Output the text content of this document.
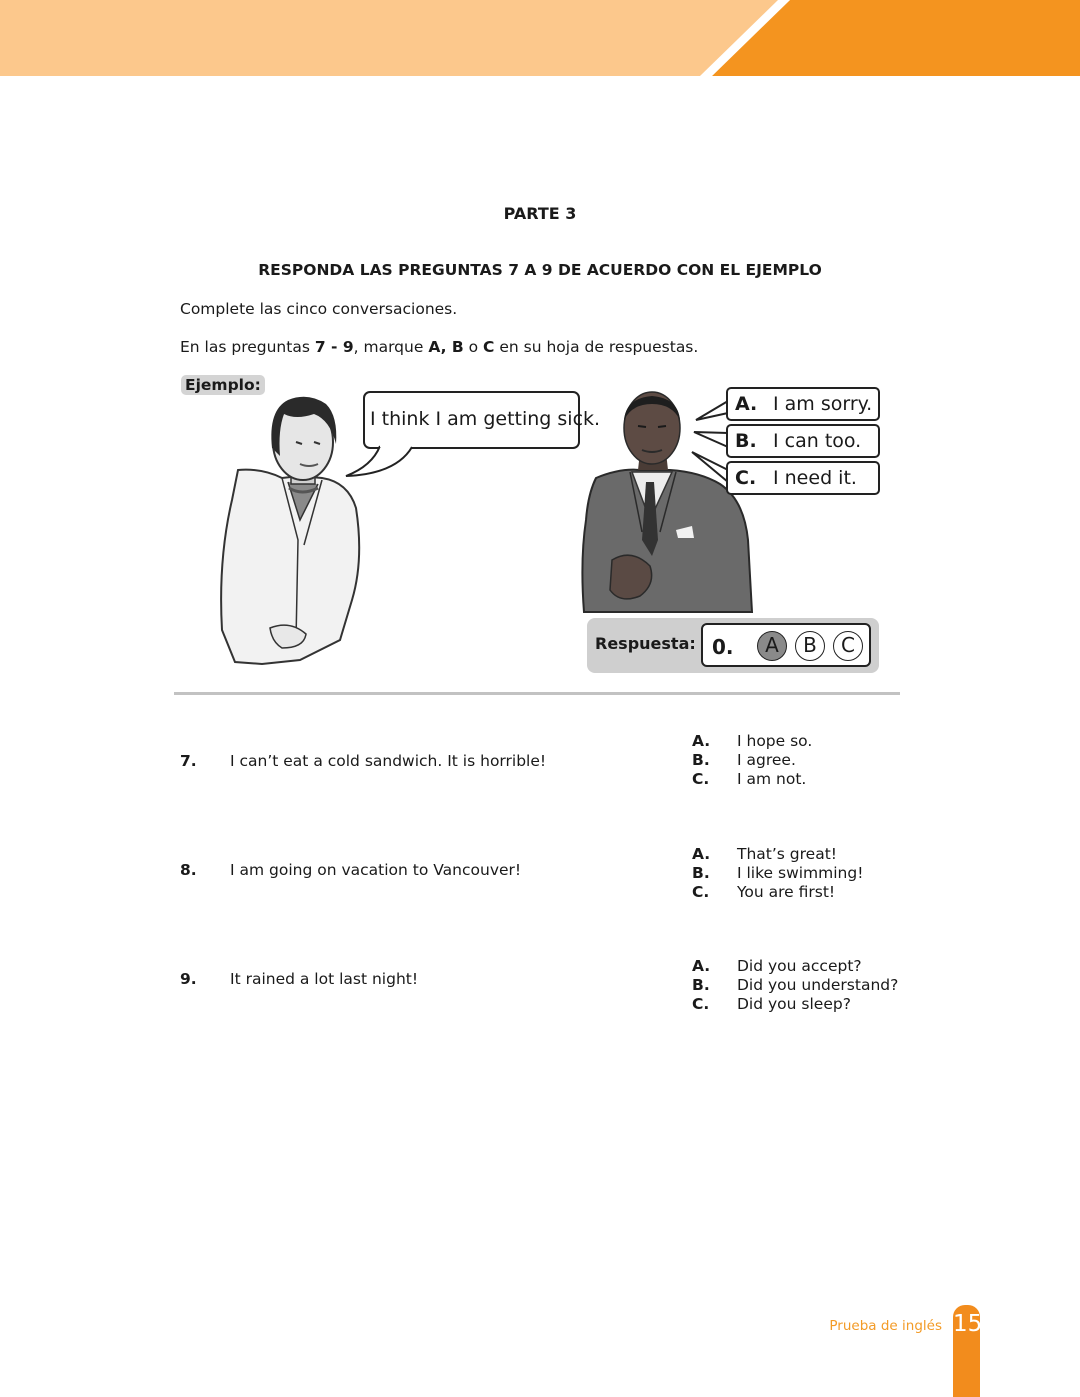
PARTE 3
RESPONDA LAS PREGUNTAS 7 A 9 DE ACUERDO CON EL EJEMPLO
Complete las cinco conversaciones.
En las preguntas 7 - 9, marque A, B o C en su hoja de respuestas.
Ejemplo:
I think I am getting sick.
A. I am sorry.
B. I can too.
C. I need it.
Respuesta: 0.	A	B	C
7. I can’t eat a cold sandwich. It is horrible!
A. I hope so.
B. I agree.
C. I am not.
8. I am going on vacation to Vancouver!
A. That’s great!
B. I like swimming!
C. You are first!
9. It rained a lot last night!
A. Did you accept?
B. Did you understand?
C. Did you sleep?
Prueba de inglés 15
